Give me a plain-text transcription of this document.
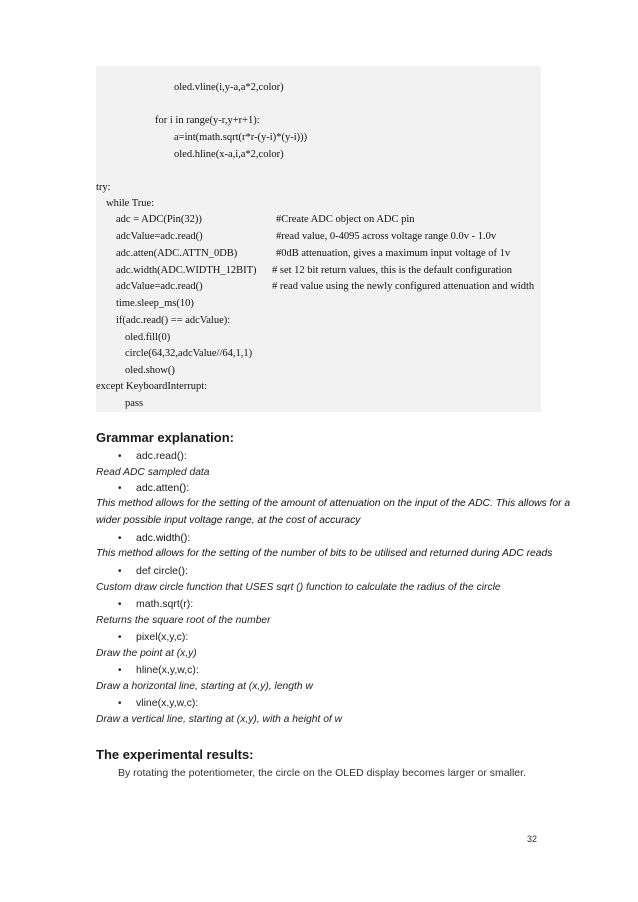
oled.vline(i,y-a,a*2,color)
for i in range(y-r,y+r+1):
a=int(math.sqrt(r*r-(y-i)*(y-i)))
oled.hline(x-a,i,a*2,color)
try:
while True:
adc = ADC(Pin(32))	#Create ADC object on ADC pin
adcValue=adc.read()	#read value, 0-4095 across voltage range 0.0v - 1.0v
adc.atten(ADC.ATTN_0DB)	#0dB attenuation, gives a maximum input voltage of 1v
adc.width(ADC.WIDTH_12BIT) # set 12 bit return values, this is the default configuration
adcValue=adc.read()	# read value using the newly configured attenuation and width
time.sleep_ms(10)
if(adc.read() == adcValue):
oled.fill(0)
circle(64,32,adcValue//64,1,1)
oled.show()
except KeyboardInterrupt:
pass
Grammar explanation:
• adc.read():
Read ADC sampled data
• adc.atten():
This method allows for the setting of the amount of attenuation on the input of the ADC. This allows for a
wider possible input voltage range, at the cost of accuracy
• adc.width():
This method allows for the setting of the number of bits to be utilised and returned during ADC reads
• def circle():
Custom draw circle function that USES sqrt () function to calculate the radius of the circle
• math.sqrt(r):
Returns the square root of the number
• pixel(x,y,c):
Draw the point at (x,y)
• hline(x,y,w,c):
Draw a horizontal line, starting at (x,y), length w
• vline(x,y,w,c):
Draw a vertical line, starting at (x,y), with a height of w
The experimental results:
By rotating the potentiometer, the circle on the OLED display becomes larger or smaller.
32
